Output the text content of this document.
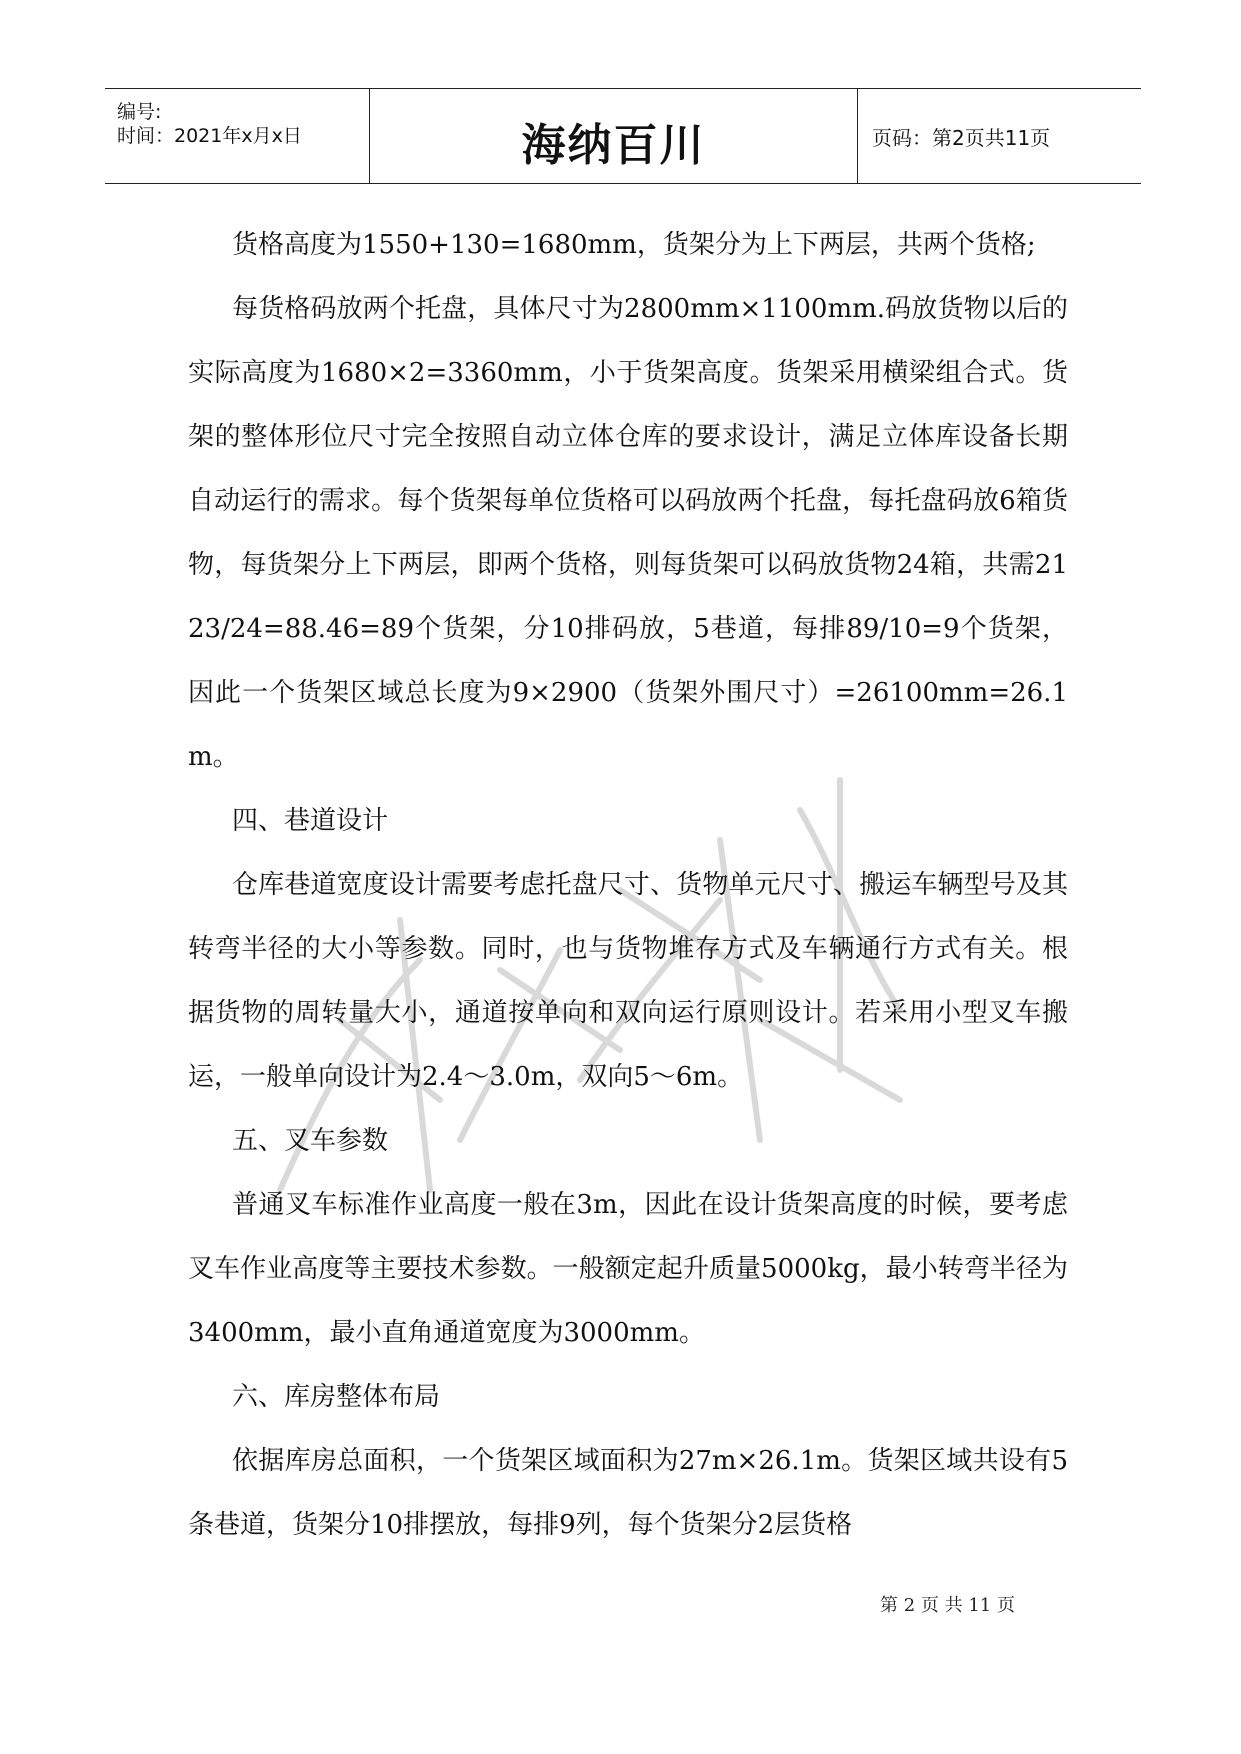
编号:
时间：2021年x月x日	海纳百川	页码：第2页共11页
严禁复制

货格高度为1550+130=1680mm，货架分为上下两层，共两个货格;

每货格码放两个托盘，具体尺寸为2800mm×1100mm.码放货物以后的实际高度为1680×2=3360mm，小于货架高度。货架采用横梁组合式。货架的整体形位尺寸完全按照自动立体仓库的要求设计，满足立体库设备长期自动运行的需求。每个货架每单位货格可以码放两个托盘，每托盘码放6箱货物，每货架分上下两层，即两个货格，则每货架可以码放货物24箱，共需2123/24=88.46=89个货架，分10排码放，5巷道，每排89/10=9个货架，因此一个货架区域总长度为9×2900（货架外围尺寸）=26100mm=26.1m。

四、巷道设计

仓库巷道宽度设计需要考虑托盘尺寸、货物单元尺寸、搬运车辆型号及其转弯半径的大小等参数。同时，也与货物堆存方式及车辆通行方式有关。根据货物的周转量大小，通道按单向和双向运行原则设计。若采用小型叉车搬运，一般单向设计为2.4～3.0m，双向5～6m。

五、叉车参数

普通叉车标准作业高度一般在3m，因此在设计货架高度的时候，要考虑叉车作业高度等主要技术参数。一般额定起升质量5000kg，最小转弯半径为3400mm，最小直角通道宽度为3000mm。

六、库房整体布局

依据库房总面积，一个货架区域面积为27m×26.1m。货架区域共设有5条巷道，货架分10排摆放，每排9列，每个货架分2层货格

第 2 页 共 11 页
